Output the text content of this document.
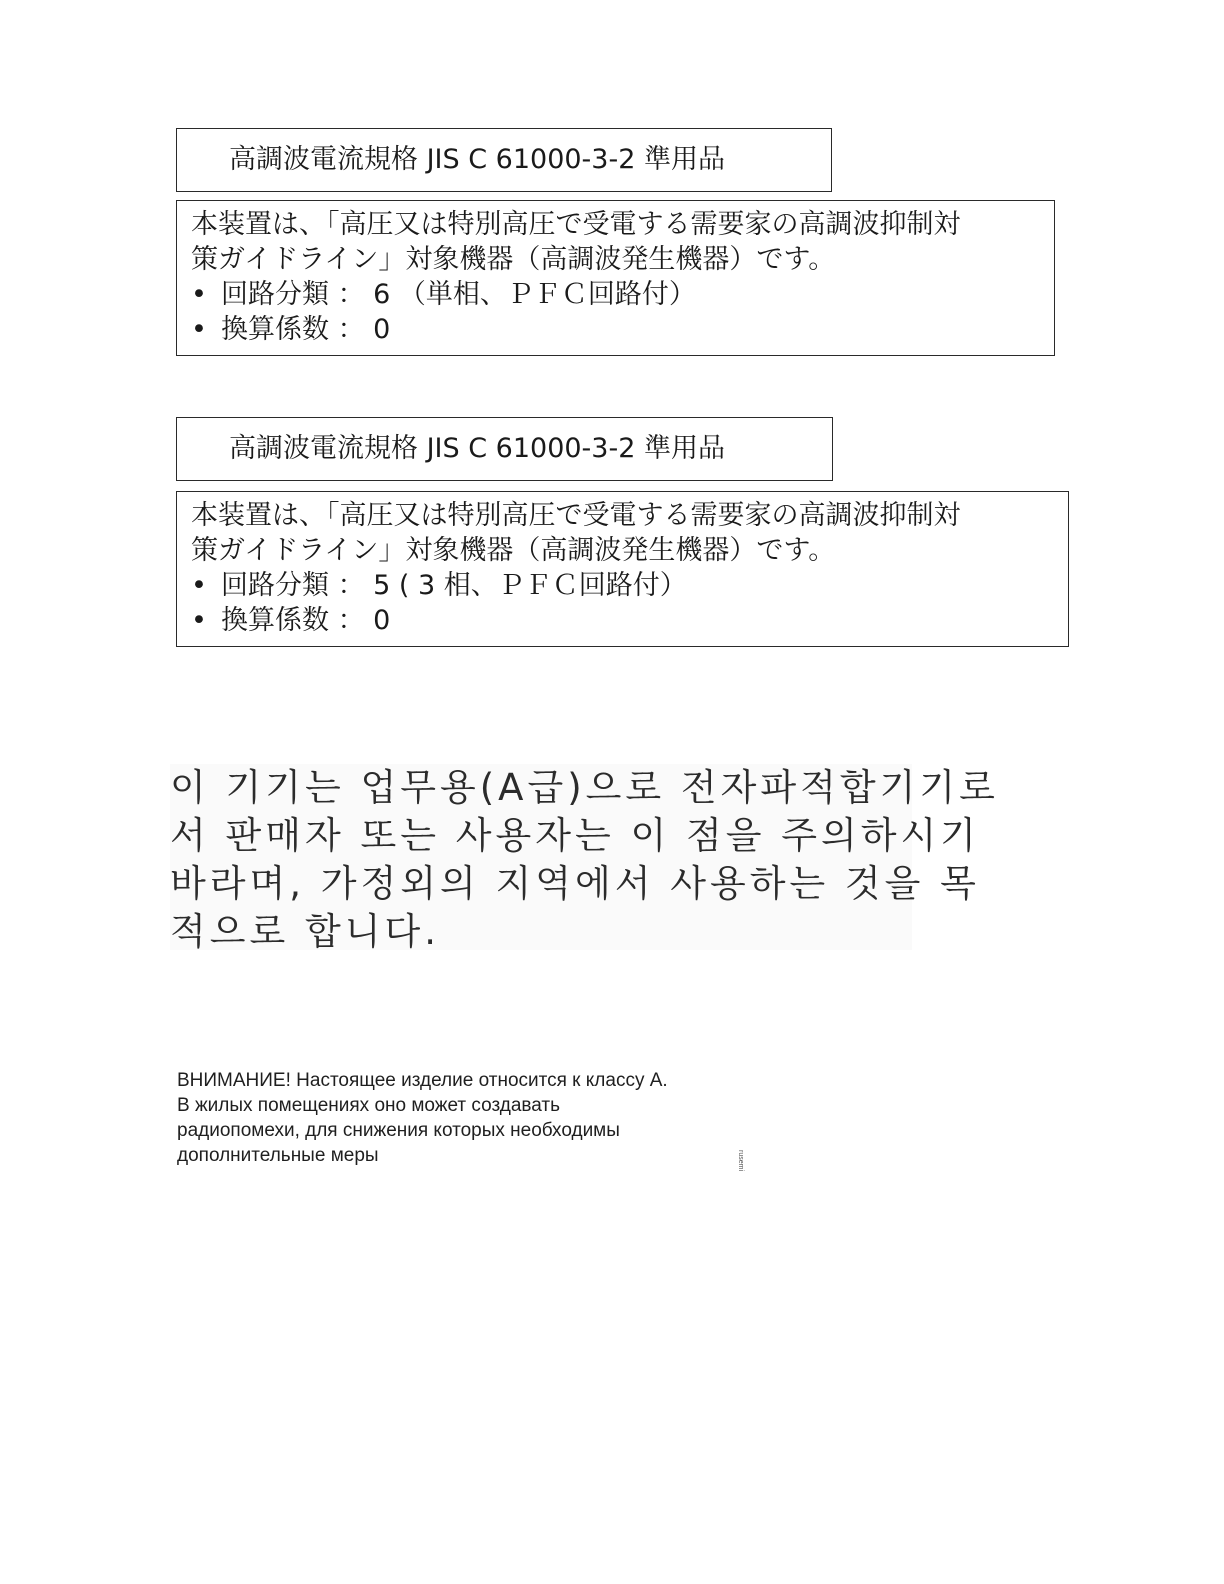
高調波電流規格 JIS C 61000-3-2 準用品

本装置は、「高圧又は特別高圧で受電する需要家の高調波抑制対

策ガイドライン」対象機器（高調波発生機器）です。

• 回路分類 ： 6 （単相、ＰＦＣ回路付）
• 換算係数 ： 0
高調波電流規格 JIS C 61000-3-2 準用品

本装置は、「高圧又は特別高圧で受電する需要家の高調波抑制対

策ガイドライン」対象機器（高調波発生機器）です。

• 回路分類 ： 5 ( 3 相、ＰＦＣ回路付）
• 換算係数 ： 0

이 기기는 업무용(A급)으로 전자파적합기기로

서 판매자 또는 사용자는 이 점을 주의하시기

바라며, 가정외의 지역에서 사용하는 것을 목

적으로 합니다.

ВНИМАНИЕ! Настоящее изделие относится к классу А.

В жилых помещениях оно может создавать

радиопомехи, для снижения которых необходимы

дополнительные меры	rusemi
